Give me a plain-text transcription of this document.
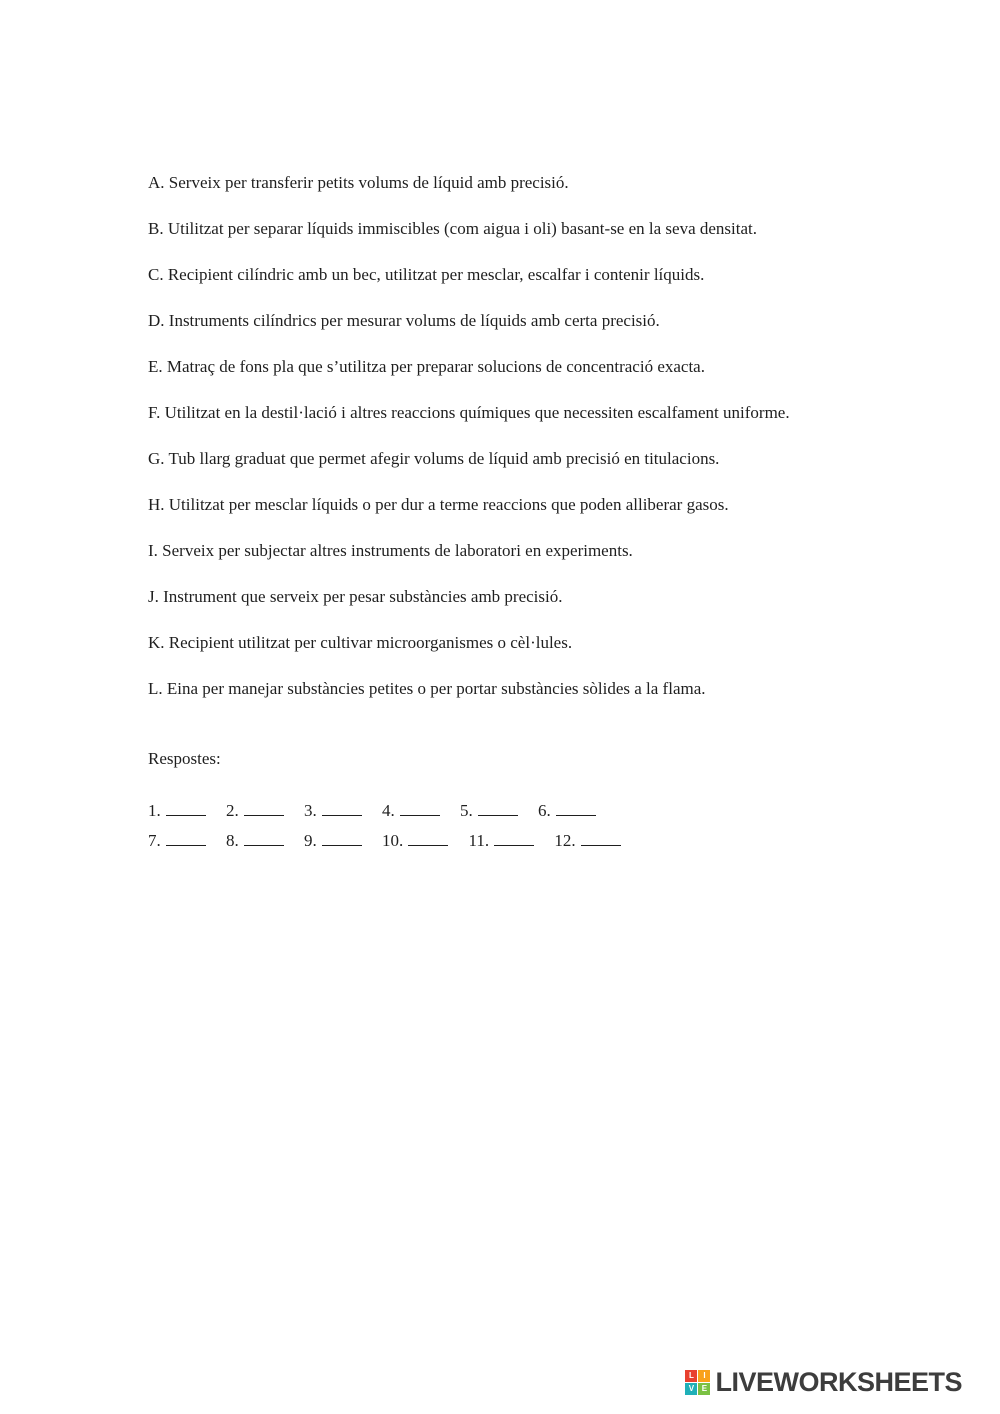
A. Serveix per transferir petits volums de líquid amb precisió.

B. Utilitzat per separar líquids immiscibles (com aigua i oli) basant-se en la seva densitat.

C. Recipient cilíndric amb un bec, utilitzat per mesclar, escalfar i contenir líquids.

D. Instruments cilíndrics per mesurar volums de líquids amb certa precisió.

E. Matraç de fons pla que s’utilitza per preparar solucions de concentració exacta.

F. Utilitzat en la destil·lació i altres reaccions químiques que necessiten escalfament uniforme.

G. Tub llarg graduat que permet afegir volums de líquid amb precisió en titulacions.

H. Utilitzat per mesclar líquids o per dur a terme reaccions que poden alliberar gasos.

I. Serveix per subjectar altres instruments de laboratori en experiments.

J. Instrument que serveix per pesar substàncies amb precisió.

K. Recipient utilitzat per cultivar microorganismes o cèl·lules.

L. Eina per manejar substàncies petites o per portar substàncies sòlides a la flama.

Respostes:

1.	2.	3.	4.	5.	6.
7.	8.	9.	10.	11.	12.
L	I
V E LIVEWORKSHEETS
